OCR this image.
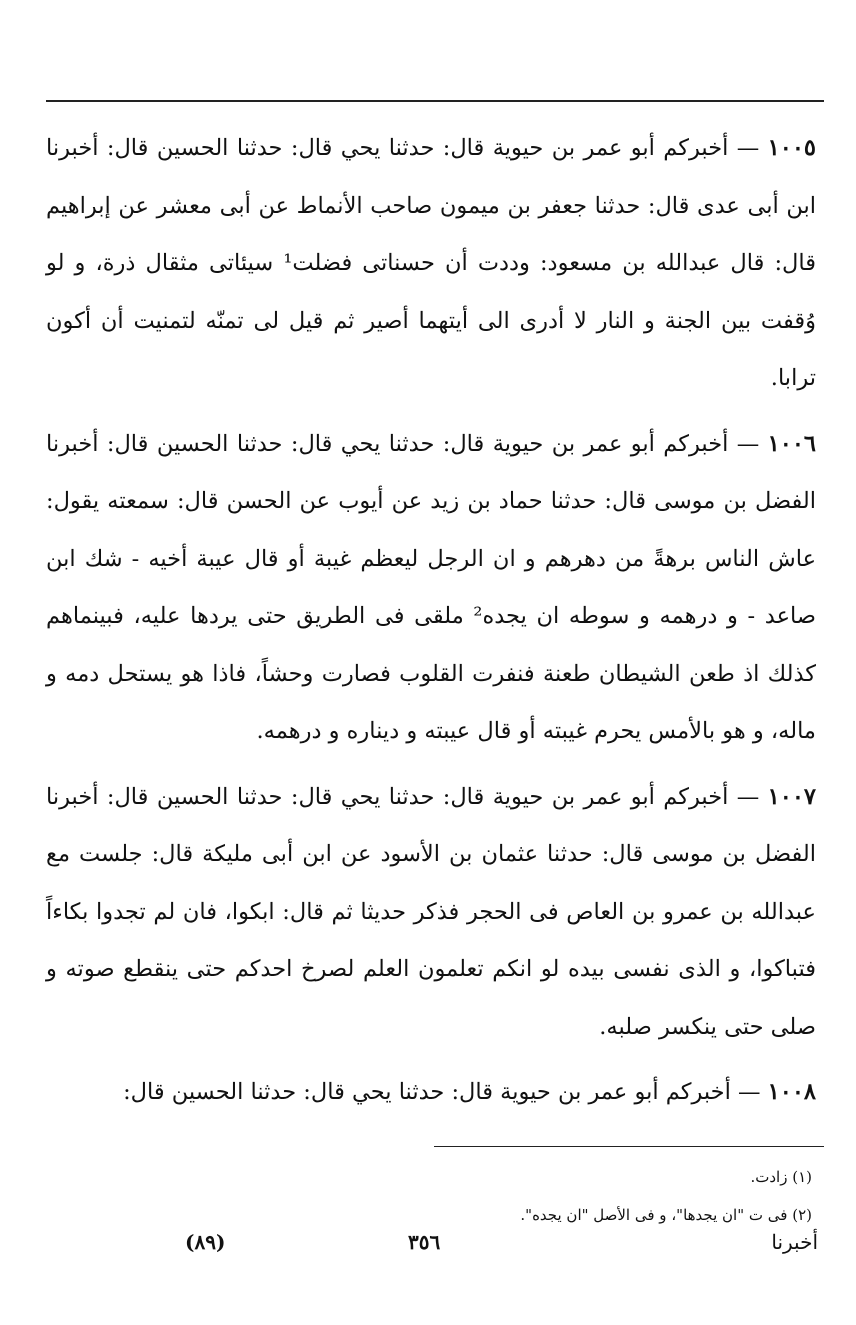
١٠٠٥ — أخبركم أبو عمر بن حيوية قال: حدثنا يحي قال: حدثنا الحسين قال: أخبرنا ابن أبى عدى قال: حدثنا جعفر بن ميمون صاحب الأنماط عن أبى معشر عن إبراهيم قال: قال عبدالله بن مسعود: وددت أن حسناتى فضلت¹ سيئاتى مثقال ذرة، و لو وُقفت بين الجنة و النار لا أدرى الى أيتهما أصير ثم قيل لى تمنّه لتمنيت أن أكون ترابا.

١٠٠٦ — أخبركم أبو عمر بن حيوية قال: حدثنا يحي قال: حدثنا الحسين قال: أخبرنا الفضل بن موسى قال: حدثنا حماد بن زيد عن أيوب عن الحسن قال: سمعته يقول: عاش الناس برهةً من دهرهم و ان الرجل ليعظم غيبة أو قال عيبة أخيه - شك ابن صاعد - و درهمه و سوطه ان يجده² ملقى فى الطريق حتى يردها عليه، فبينماهم كذلك اذ طعن الشيطان طعنة فنفرت القلوب فصارت وحشاً، فاذا هو يستحل دمه و ماله، و هو بالأمس يحرم غيبته أو قال عيبته و ديناره و درهمه.

١٠٠٧ — أخبركم أبو عمر بن حيوية قال: حدثنا يحي قال: حدثنا الحسين قال: أخبرنا الفضل بن موسى قال: حدثنا عثمان بن الأسود عن ابن أبى مليكة قال: جلست مع عبدالله بن عمرو بن العاص فى الحجر فذكر حديثا ثم قال: ابكوا، فان لم تجدوا بكاءاً فتباكوا، و الذى نفسى بيده لو انكم تعلمون العلم لصرخ احدكم حتى ينقطع صوته و صلى حتى ينكسر صلبه.

١٠٠٨ — أخبركم أبو عمر بن حيوية قال: حدثنا يحي قال: حدثنا الحسين قال:

(١) زادت.

(٢) فى ت "ان يجدها"، و فى الأصل "ان يجده".

أخبرنا
(٨٩)	٣٥٦
